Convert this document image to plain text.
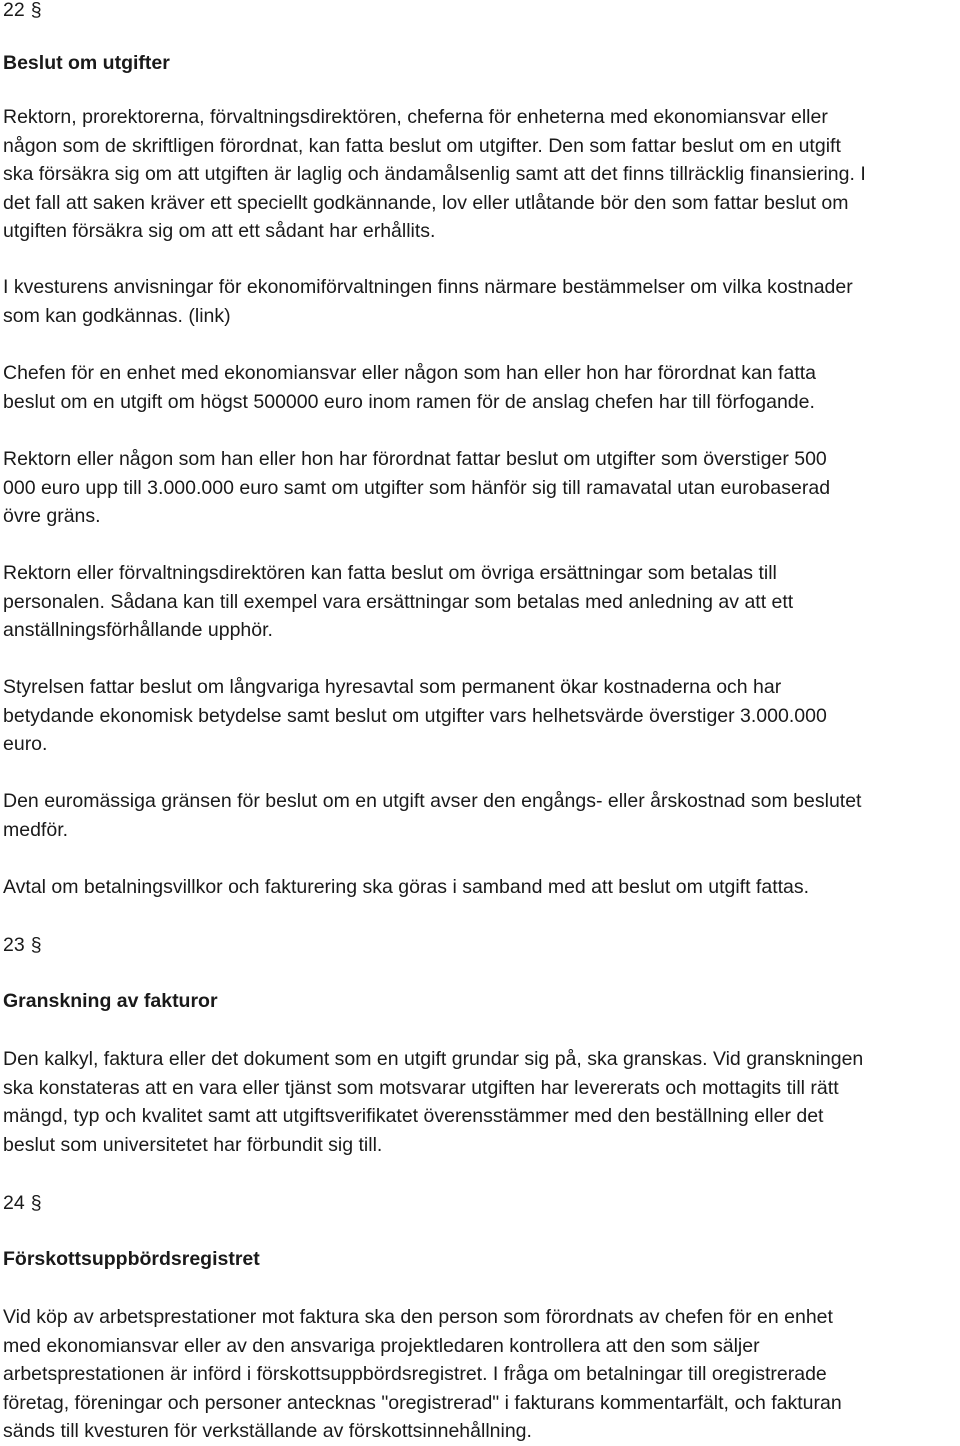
22 §

Beslut om utgifter

Rektorn, prorektorerna, förvaltningsdirektören, cheferna för enheterna med ekonomiansvar eller

någon som de skriftligen förordnat, kan fatta beslut om utgifter. Den som fattar beslut om en utgift

ska försäkra sig om att utgiften är laglig och ändamålsenlig samt att det finns tillräcklig finansiering. I

det fall att saken kräver ett speciellt godkännande, lov eller utlåtande bör den som fattar beslut om

utgiften försäkra sig om att ett sådant har erhållits.

I kvesturens anvisningar för ekonomiförvaltningen finns närmare bestämmelser om vilka kostnader

som kan godkännas. (link)

Chefen för en enhet med ekonomiansvar eller någon som han eller hon har förordnat kan fatta

beslut om en utgift om högst 500000 euro inom ramen för de anslag chefen har till förfogande.

Rektorn eller någon som han eller hon har förordnat fattar beslut om utgifter som överstiger 500

000 euro upp till 3.000.000 euro samt om utgifter som hänför sig till ramavatal utan eurobaserad

övre gräns.

Rektorn eller förvaltningsdirektören kan fatta beslut om övriga ersättningar som betalas till

personalen. Sådana kan till exempel vara ersättningar som betalas med anledning av att ett

anställningsförhållande upphör.

Styrelsen fattar beslut om långvariga hyresavtal som permanent ökar kostnaderna och har

betydande ekonomisk betydelse samt beslut om utgifter vars helhetsvärde överstiger 3.000.000

euro.

Den euromässiga gränsen för beslut om en utgift avser den engångs- eller årskostnad som beslutet

medför.

Avtal om betalningsvillkor och fakturering ska göras i samband med att beslut om utgift fattas.

23 §

Granskning av fakturor

Den kalkyl, faktura eller det dokument som en utgift grundar sig på, ska granskas. Vid granskningen

ska konstateras att en vara eller tjänst som motsvarar utgiften har levererats och mottagits till rätt

mängd, typ och kvalitet samt att utgiftsverifikatet överensstämmer med den beställning eller det

beslut som universitetet har förbundit sig till.

24 §

Förskottsuppbördsregistret

Vid köp av arbetsprestationer mot faktura ska den person som förordnats av chefen för en enhet

med ekonomiansvar eller av den ansvariga projektledaren kontrollera att den som säljer

arbetsprestationen är införd i förskottsuppbördsregistret. I fråga om betalningar till oregistrerade

företag, föreningar och personer antecknas "oregistrerad" i fakturans kommentarfält, och fakturan

sänds till kvesturen för verkställande av förskottsinnehållning.
